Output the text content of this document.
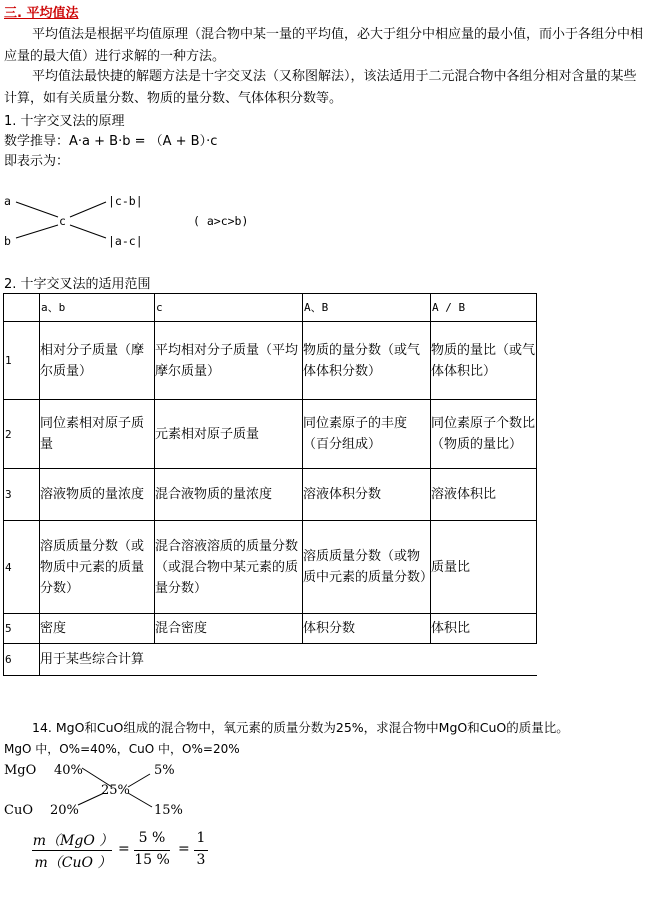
三. 平均值法
平均值法是根据平均值原理（混合物中某一量的平均值，必大于组分中相应量的最小值，而小于各组分中相应量的最大值）进行求解的一种方法。
平均值法最快捷的解题方法是十字交叉法（又称图解法），该法适用于二元混合物中各组分相对含量的某些计算，如有关质量分数、物质的量分数、气体体积分数等。
1. 十字交叉法的原理
数学推导：A·a + B·b = （A + B）·c
即表示为：
a
b
c
|c-b|
|a-c|
( a>c>b)
2. 十字交叉法的适用范围
	a、b	c	A、B	A / B
1	相对分子质量（摩尔质量）	平均相对分子质量（平均摩尔质量）	物质的量分数（或气体体积分数）	物质的量比（或气体体积比）
2	同位素相对原子质量	元素相对原子质量	同位素原子的丰度（百分组成）	同位素原子个数比（物质的量比）
3	溶液物质的量浓度	混合液物质的量浓度	溶液体积分数	溶液体积比
4	溶质质量分数（或物质中元素的质量分数）	混合溶液溶质的质量分数（或混合物中某元素的质量分数）	溶质质量分数（或物质中元素的质量分数）	质量比
5	密度	混合密度	体积分数	体积比
6	用于某些综合计算			
14. MgO和CuO组成的混合物中，氧元素的质量分数为25%，求混合物中MgO和CuO的质量比。
MgO 中，O%=40%，CuO 中，O%=20%
MgO 40%
CuO 20%
25%
5%
15%
m（MgO ）
m（CuO ）
=
5 %
15 %
=
1
3
